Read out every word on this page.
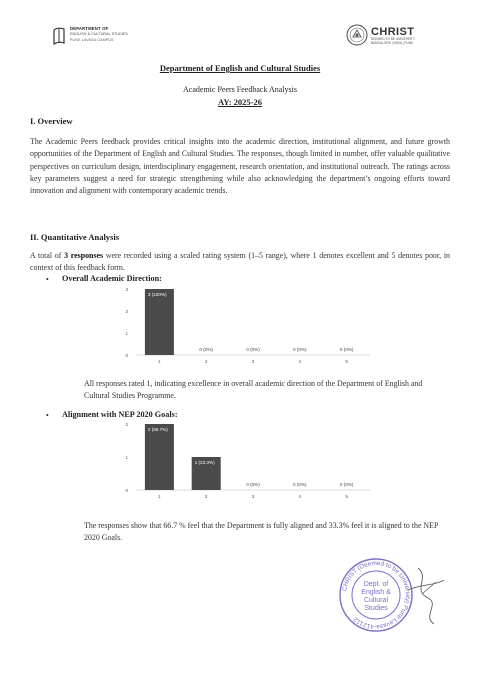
DEPARTMENT OF
ENGLISH & CULTURAL STUDIES
PUNE LAVASA CAMPUS
CHRIST
DEEMED TO BE UNIVERSITY
BANGALORE | INDIA | PUNE
Department of English and Cultural Studies
Academic Peers Feedback Analysis
AY: 2025-26
I. Overview
The Academic Peers feedback provides critical insights into the academic direction, institutional alignment, and future growth opportunities of the Department of English and Cultural Studies. The responses, though limited in number, offer valuable qualitative perspectives on curriculum design, interdisciplinary engagement, research orientation, and institutional outreach. The ratings across key parameters suggest a need for strategic strengthening while also acknowledging the department’s ongoing efforts toward innovation and alignment with contemporary academic trends.
II. Quantitative Analysis
A total of 3 responses were recorded using a scaled rating system (1–5 range), where 1 denotes excellent and 5 denotes poor, in context of this feedback form.
• Overall Academic Direction:
0
1
2
3
3 (100%)
1
0 (0%)
2
0 (0%)
3
0 (0%)
4
0 (0%)
5
All responses rated 1, indicating excellence in overall academic direction of the Department of English and Cultural Studies Programme.
• Alignment with NEP 2020 Goals:
0
1
2
2 (66.7%)
1
1 (33.3%)
2
0 (0%)
3
0 (0%)
4
0 (0%)
5
The responses show that 66.7 % feel that the Department is fully aligned and 33.3% feel it is aligned to the NEP 2020 Goals.
CHRIST (Deemed to be University) Pune Lavasa-412112
Dept. of
English &
Cultural
Studies
